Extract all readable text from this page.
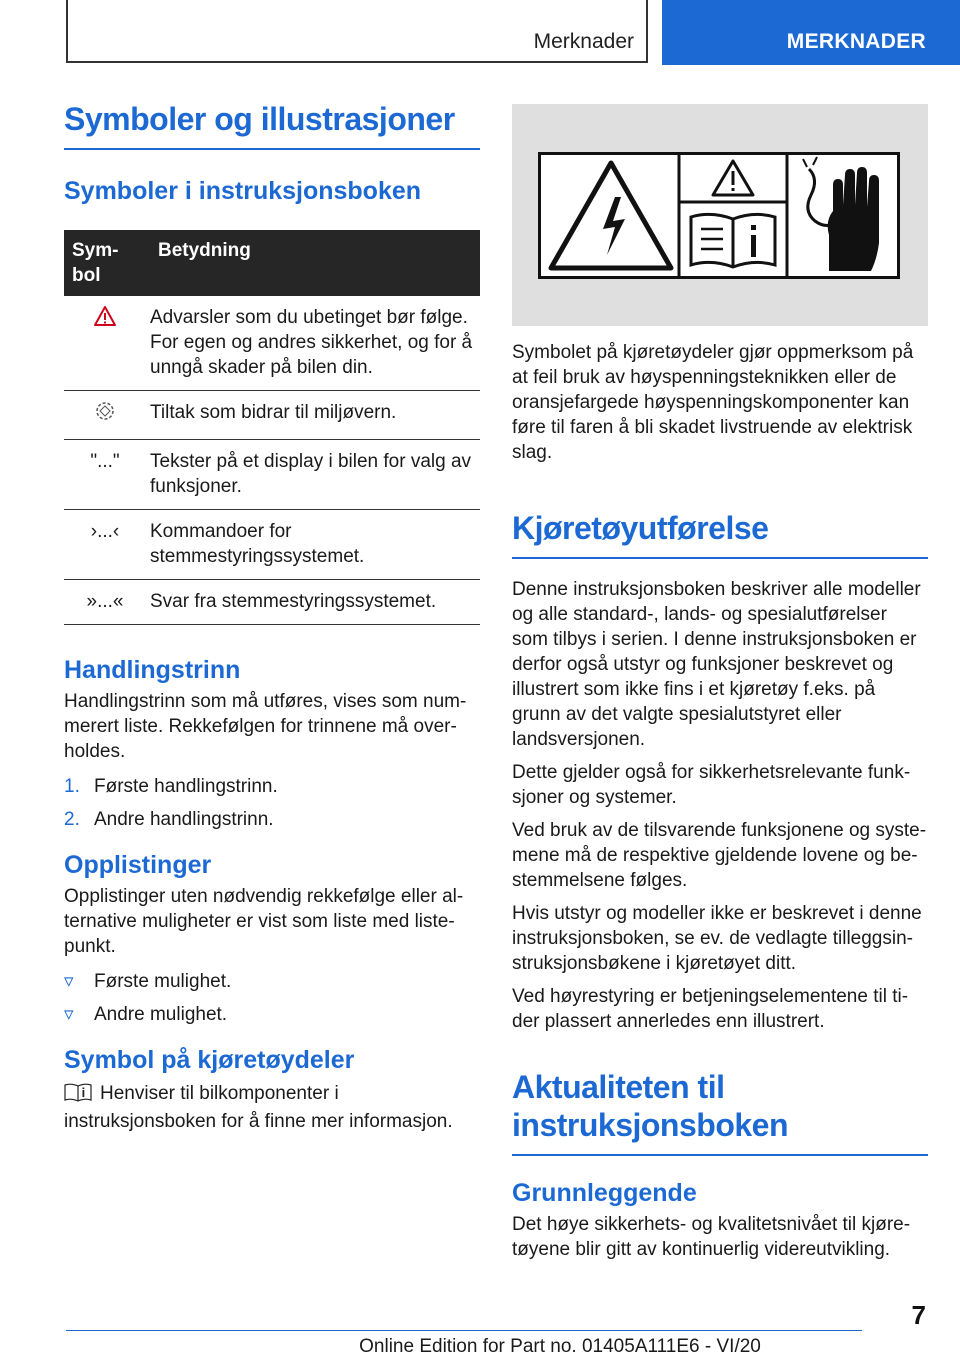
Merknader	MERKNADER
Symboler og illustrasjoner
Symboler i instruksjonsboken
Sym-
bol	Betydning
	Advarsler som du ubetinget bør følge. For egen og andres sikkerhet, og for å unngå skader på bilen din.
	Tiltak som bidrar til miljøvern.
"..."	Tekster på et display i bilen for valg av funksjoner.
›...‹	Kommandoer for stemmestyringssystemet.
»...«	Svar fra stemmestyringssystemet.
Handlingstrinn

Handlingstrinn som må utføres, vises som nummerert liste. Rekkefølgen for trinnene må overholdes.

1. Første handlingstrinn.
2. Andre handlingstrinn.
Opplistinger

Opplistinger uten nødvendig rekkefølge eller alternative muligheter er vist som liste med listepunkt.

▿	Første mulighet.
▿	Andre mulighet.
Symbol på kjøretøydeler

Henviser til bilkomponenter i instruksjonsboken for å finne mer informasjon.

Symbolet på kjøretøydeler gjør oppmerksom på at feil bruk av høyspenningsteknikken eller de oransjefargede høyspenningskomponenter kan føre til faren å bli skadet livstruende av elektrisk slag.

Kjøretøyutførelse

Denne instruksjonsboken beskriver alle modeller og alle standard-, lands- og spesialutførelser som tilbys i serien. I denne instruksjonsboken er derfor også utstyr og funksjoner beskrevet og illustrert som ikke fins i et kjøretøy f.eks. på grunn av det valgte spesialutstyret eller landsversjonen.

Dette gjelder også for sikkerhetsrelevante funksjoner og systemer.

Ved bruk av de tilsvarende funksjonene og systemene må de respektive gjeldende lovene og bestemmelsene følges.

Hvis utstyr og modeller ikke er beskrevet i denne instruksjonsboken, se ev. de vedlagte tilleggsinstruksjonsbøkene i kjøretøyet ditt.

Ved høyrestyring er betjeningselementene til tider plassert annerledes enn illustrert.

Aktualiteten til instruksjonsboken
Grunnleggende

Det høye sikkerhets- og kvalitetsnivået til kjøretøyene blir gitt av kontinuerlig videreutvikling.

7
Online Edition for Part no. 01405A111E6 - VI/20
